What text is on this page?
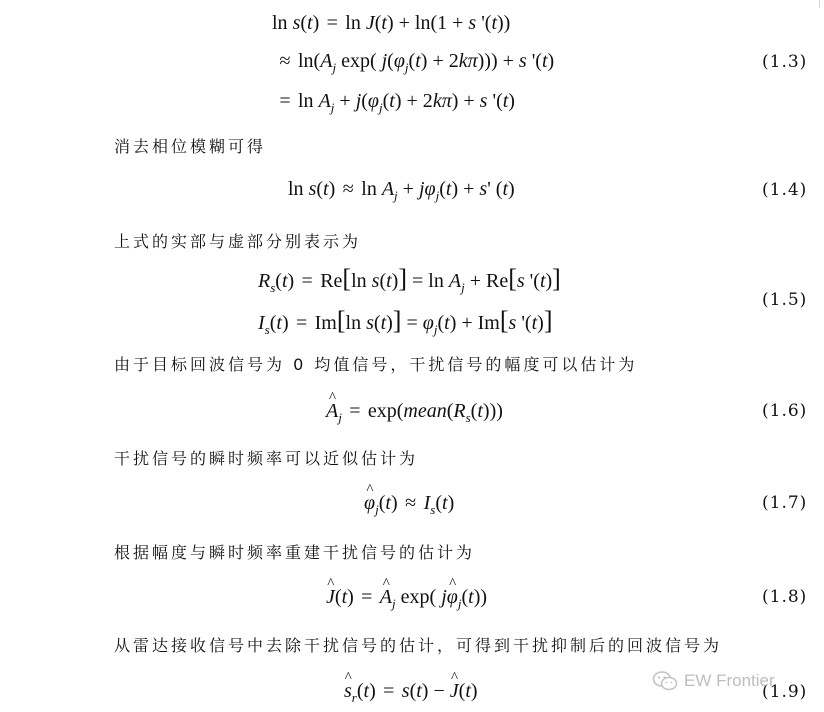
ln s(t) = ln J(t) + ln(1 + s '(t))
≈ $\ln(A_j$ exp( $j(\varphi_j(t) + 2k\pi))) + s$ '(t)
= $\ln A_j + j(\varphi_j(t) + 2k\pi) + s$ '(t)
(1.3)
消去相位模糊可得
$\ln s(t) \approx \ln A_j + j\varphi_j(t) + s'$ (t)	(1.4)
上式的实部与虚部分别表示为
$R_s(t) = Re[\ln$ $s(t)] = \ln A_j + Re[s$ '(t)]
$I_s(t) = Im[\ln$ $s(t)] = \varphi_j(t) + Im[s$ '(t)]
(1.5)
由于目标回波信号为 0 均值信号，干扰信号的幅度可以估计为
^ $A_j$ = $\exp(mean(R_s(t)))$	(1.6)
干扰信号的瞬时频率可以近似估计为
^ $\varphi_j(t) \approx I_s(t)$	(1.7)
根据幅度与瞬时频率重建干扰信号的估计为
^ J(t) =^ $A_j$ exp( j^ $\varphi_j(t)$)	(1.8)
从雷达接收信号中去除干扰信号的估计，可得到干扰抑制后的回波信号为
^ $s_r(t) = s(t)$ − ^ J(t)	(1.9)
EW Frontier
